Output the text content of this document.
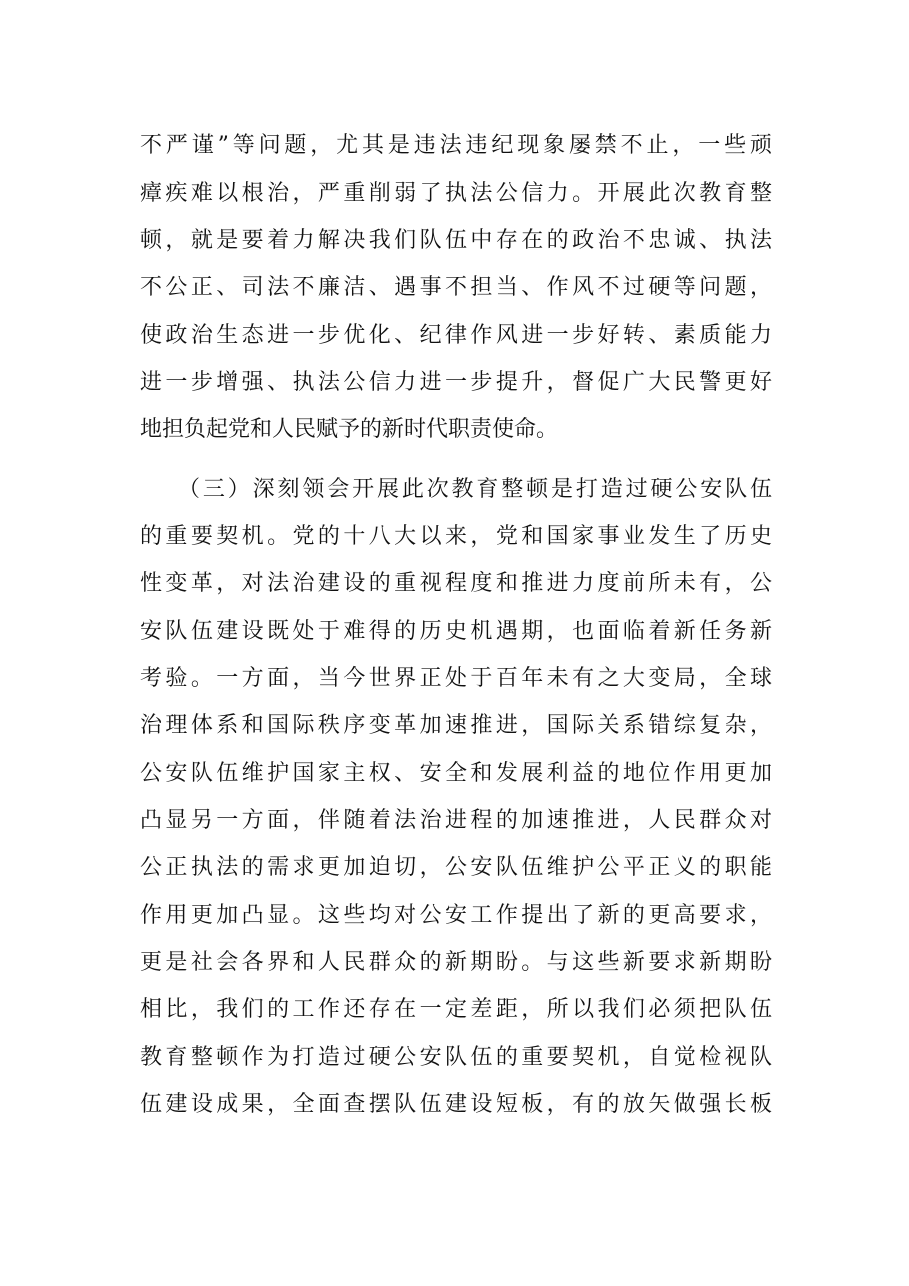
不严谨”等问题，尤其是违法违纪现象屡禁不止，一些顽
瘴疾难以根治，严重削弱了执法公信力。开展此次教育整
顿，就是要着力解决我们队伍中存在的政治不忠诚、执法
不公正、司法不廉洁、遇事不担当、作风不过硬等问题，
使政治生态进一步优化、纪律作风进一步好转、素质能力
进一步增强、执法公信力进一步提升，督促广大民警更好
地担负起党和人民赋予的新时代职责使命。
（三）深刻领会开展此次教育整顿是打造过硬公安队伍
的重要契机。党的十八大以来，党和国家事业发生了历史
性变革，对法治建设的重视程度和推进力度前所未有，公
安队伍建设既处于难得的历史机遇期，也面临着新任务新
考验。一方面，当今世界正处于百年未有之大变局，全球
治理体系和国际秩序变革加速推进，国际关系错综复杂，
公安队伍维护国家主权、安全和发展利益的地位作用更加
凸显另一方面，伴随着法治进程的加速推进，人民群众对
公正执法的需求更加迫切，公安队伍维护公平正义的职能
作用更加凸显。这些均对公安工作提出了新的更高要求，
更是社会各界和人民群众的新期盼。与这些新要求新期盼
相比，我们的工作还存在一定差距，所以我们必须把队伍
教育整顿作为打造过硬公安队伍的重要契机，自觉检视队
伍建设成果，全面查摆队伍建设短板，有的放矢做强长板
